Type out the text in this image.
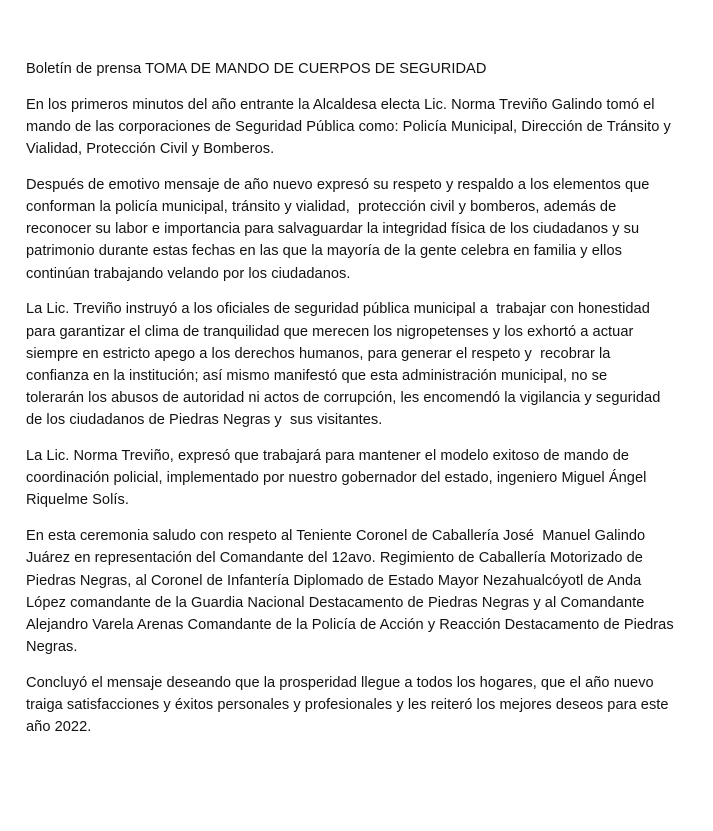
Boletín de prensa TOMA DE MANDO DE CUERPOS DE SEGURIDAD

En los primeros minutos del año entrante la Alcaldesa electa Lic. Norma Treviño Galindo tomó el
mando de las corporaciones de Seguridad Pública como: Policía Municipal, Dirección de Tránsito y
Vialidad, Protección Civil y Bomberos.

Después de emotivo mensaje de año nuevo expresó su respeto y respaldo a los elementos que
conforman la policía municipal, tránsito y vialidad,  protección civil y bomberos, además de
reconocer su labor e importancia para salvaguardar la integridad física de los ciudadanos y su
patrimonio durante estas fechas en las que la mayoría de la gente celebra en familia y ellos
continúan trabajando velando por los ciudadanos.

La Lic. Treviño instruyó a los oficiales de seguridad pública municipal a  trabajar con honestidad
para garantizar el clima de tranquilidad que merecen los nigropetenses y los exhortó a actuar
siempre en estricto apego a los derechos humanos, para generar el respeto y  recobrar la
confianza en la institución; así mismo manifestó que esta administración municipal, no se
tolerarán los abusos de autoridad ni actos de corrupción, les encomendó la vigilancia y seguridad
de los ciudadanos de Piedras Negras y  sus visitantes.

La Lic. Norma Treviño, expresó que trabajará para mantener el modelo exitoso de mando de
coordinación policial, implementado por nuestro gobernador del estado, ingeniero Miguel Ángel
Riquelme Solís.

En esta ceremonia saludo con respeto al Teniente Coronel de Caballería José  Manuel Galindo
Juárez en representación del Comandante del 12avo. Regimiento de Caballería Motorizado de
Piedras Negras, al Coronel de Infantería Diplomado de Estado Mayor Nezahualcóyotl de Anda
López comandante de la Guardia Nacional Destacamento de Piedras Negras y al Comandante
Alejandro Varela Arenas Comandante de la Policía de Acción y Reacción Destacamento de Piedras
Negras.

Concluyó el mensaje deseando que la prosperidad llegue a todos los hogares, que el año nuevo
traiga satisfacciones y éxitos personales y profesionales y les reiteró los mejores deseos para este
año 2022.
